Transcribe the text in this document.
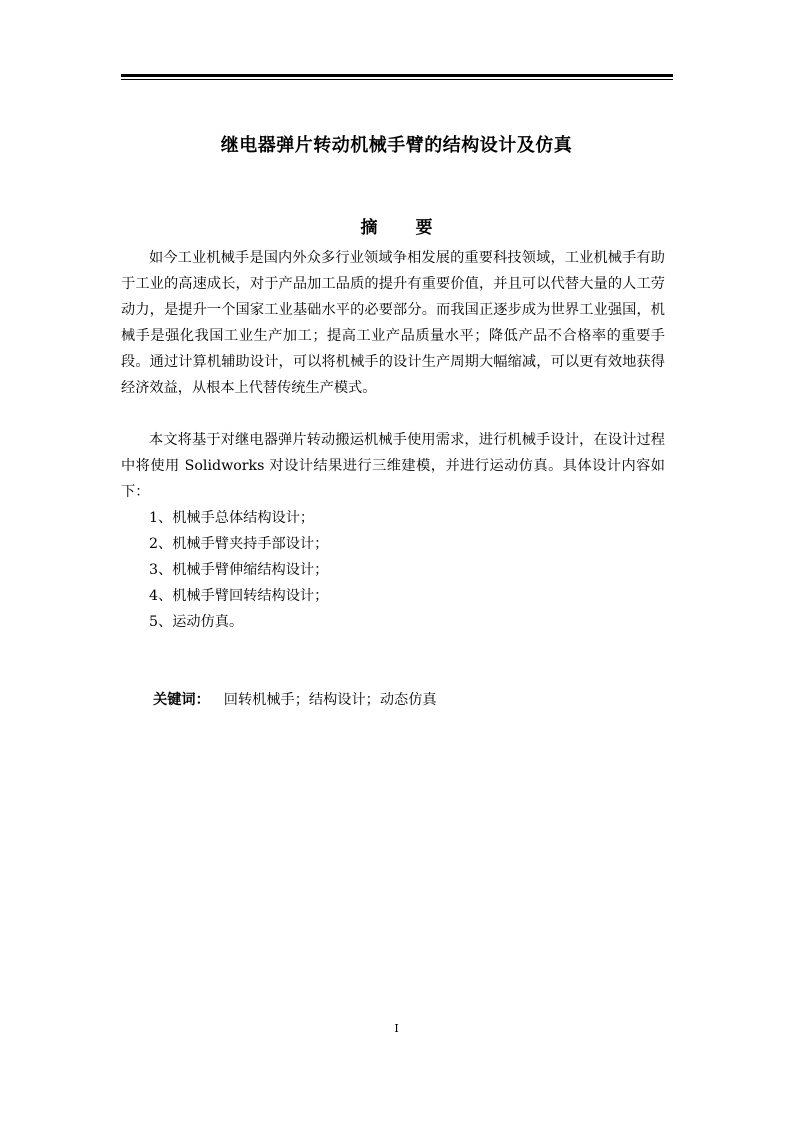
继电器弹片转动机械手臂的结构设计及仿真
摘 要

如今工业机械手是国内外众多行业领域争相发展的重要科技领域，工业机械手有助于工业的高速成长，对于产品加工品质的提升有重要价值，并且可以代替大量的人工劳动力，是提升一个国家工业基础水平的必要部分。而我国正逐步成为世界工业强国，机械手是强化我国工业生产加工；提高工业产品质量水平；降低产品不合格率的重要手段。通过计算机辅助设计，可以将机械手的设计生产周期大幅缩减，可以更有效地获得经济效益，从根本上代替传统生产模式。

本文将基于对继电器弹片转动搬运机械手使用需求，进行机械手设计，在设计过程中将使用 Solidworks 对设计结果进行三维建模，并进行运动仿真。具体设计内容如下：

1、机械手总体结构设计；
2、机械手臂夹持手部设计；
3、机械手臂伸缩结构设计；
4、机械手臂回转结构设计；
5、运动仿真。
关键词： 回转机械手；结构设计；动态仿真
I
